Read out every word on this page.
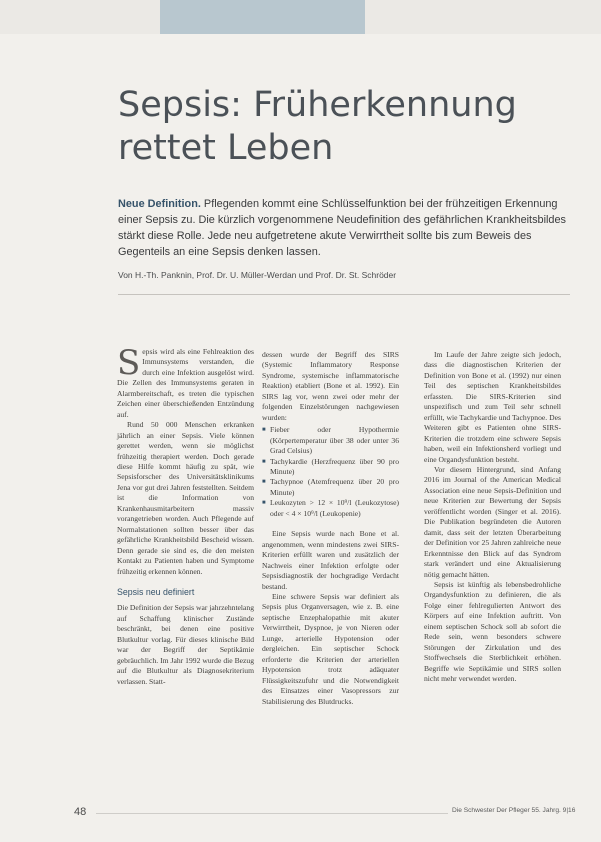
Sepsis: Früherkennung
rettet Leben

Neue Definition. Pflegenden kommt eine Schlüsselfunktion bei der frühzeitigen Erkennung einer Sepsis zu. Die kürzlich vorgenommene Neudefinition des gefährlichen Krankheitsbildes stärkt diese Rolle. Jede neu aufgetretene akute Verwirrtheit sollte bis zum Beweis des Gegenteils an eine Sepsis denken lassen.

Von H.-Th. Panknin, Prof. Dr. U. Müller-Werdan und Prof. Dr. St. Schröder

Sepsis wird als eine Fehlreaktion des Immunsystems verstanden, die durch eine Infektion ausgelöst wird. Die Zellen des Immunsystems geraten in Alarmbereitschaft, es treten die typischen Zeichen einer überschießenden Entzündung auf.

Rund 50 000 Menschen erkranken jährlich an einer Sepsis. Viele können gerettet werden, wenn sie möglichst frühzeitig therapiert werden. Doch gerade diese Hilfe kommt häufig zu spät, wie Sepsisforscher des Universitätsklinikums Jena vor gut drei Jahren feststellten. Seitdem ist die Information von Krankenhausmitarbeitern massiv vorangetrieben worden. Auch Pflegende auf Normalstationen sollten besser über das gefährliche Krankheitsbild Bescheid wissen. Denn gerade sie sind es, die den meisten Kontakt zu Patienten haben und Symptome frühzeitig erkennen können.

Sepsis neu definiert

Die Definition der Sepsis war jahrzehntelang auf Schaffung klinischer Zustände beschränkt, bei denen eine positive Blutkultur vorlag. Für dieses klinische Bild war der Begriff der Septikämie gebräuchlich. Im Jahr 1992 wurde die Bezug auf die Blutkultur als Diagnosekriterium verlassen. Statt-

dessen wurde der Begriff des SIRS (Systemic Inflammatory Response Syndrome, systemische inflammatorische Reaktion) etabliert (Bone et al. 1992). Ein SIRS lag vor, wenn zwei oder mehr der folgenden Einzelstörungen nachgewiesen wurden:

■ Fieber oder Hypothermie (Körpertemperatur über 38 oder unter 36 Grad Celsius)
■ Tachykardie (Herzfrequenz über 90 pro Minute)
■ Tachypnoe (Atemfrequenz über 20 pro Minute)
■ Leukozyten > 12 × 10⁹/l (Leukozytose) oder < 4 × 10⁹/l (Leukopenie)

Eine Sepsis wurde nach Bone et al. angenommen, wenn mindestens zwei SIRS-Kriterien erfüllt waren und zusätzlich der Nachweis einer Infektion erfolgte oder Sepsisdiagnostik der hochgradige Verdacht bestand.

Eine schwere Sepsis war definiert als Sepsis plus Organversagen, wie z. B. eine septische Enzephalopathie mit akuter Verwirrtheit, Dyspnoe, je von Nieren oder Lunge, arterielle Hypotension oder dergleichen. Ein septischer Schock erforderte die Kriterien der arteriellen Hypotension trotz adäquater Flüssigkeitszufuhr und die Notwendigkeit des Einsatzes einer Vasopressors zur Stabilisierung des Blutdrucks.

Im Laufe der Jahre zeigte sich jedoch, dass die diagnostischen Kriterien der Definition von Bone et al. (1992) nur einen Teil des septischen Krankheitsbildes erfassten. Die SIRS-Kriterien sind unspezifisch und zum Teil sehr schnell erfüllt, wie Tachykardie und Tachypnoe. Des Weiteren gibt es Patienten ohne SIRS-Kriterien die trotzdem eine schwere Sepsis haben, weil ein Infektionsherd vorliegt und eine Organdysfunktion besteht.

Vor diesem Hintergrund, sind Anfang 2016 im Journal of the American Medical Association eine neue Sepsis-Definition und neue Kriterien zur Bewertung der Sepsis veröffentlicht worden (Singer et al. 2016). Die Publikation begründeten die Autoren damit, dass seit der letzten Überarbeitung der Definition vor 25 Jahren zahlreiche neue Erkenntnisse den Blick auf das Syndrom stark verändert und eine Aktualisierung nötig gemacht hätten.

Sepsis ist künftig als lebensbedrohliche Organdysfunktion zu definieren, die als Folge einer fehlregulierten Antwort des Körpers auf eine Infektion auftritt. Von einem septischen Schock soll ab sofort die Rede sein, wenn besonders schwere Störungen der Zirkulation und des Stoffwechsels die Sterblichkeit erhöhen. Begriffe wie Septikämie und SIRS sollen nicht mehr verwendet werden.

48	Die Schwester Der Pfleger 55. Jahrg. 9|16
